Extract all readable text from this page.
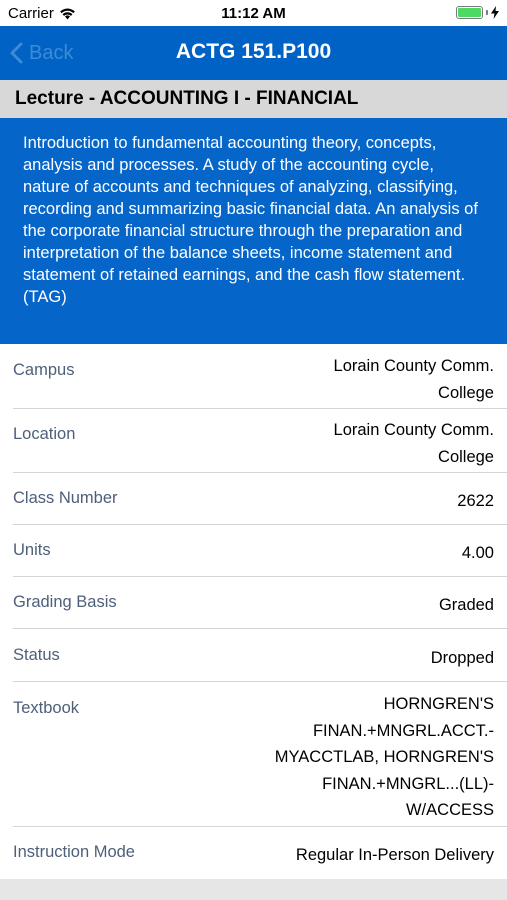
Carrier	11:12 AM
Back	ACTG 151.P100
Lecture - ACCOUNTING I - FINANCIAL
Introduction to fundamental accounting theory, concepts, analysis and processes. A study of the accounting cycle, nature of accounts and techniques of analyzing, classifying, recording and summarizing basic financial data. An analysis of the corporate financial structure through the preparation and interpretation of the balance sheets, income statement and statement of retained earnings, and the cash flow statement. (TAG)
Campus	Lorain County Comm. College
Location	Lorain County Comm. College
Class Number	2622
Units	4.00
Grading Basis	Graded
Status	Dropped
Textbook	HORNGREN'S FINAN.+MNGRL.ACCT.-MYACCTLAB, HORNGREN'S FINAN.+MNGRL...(LL)-W/ACCESS
Instruction Mode	Regular In-Person Delivery
